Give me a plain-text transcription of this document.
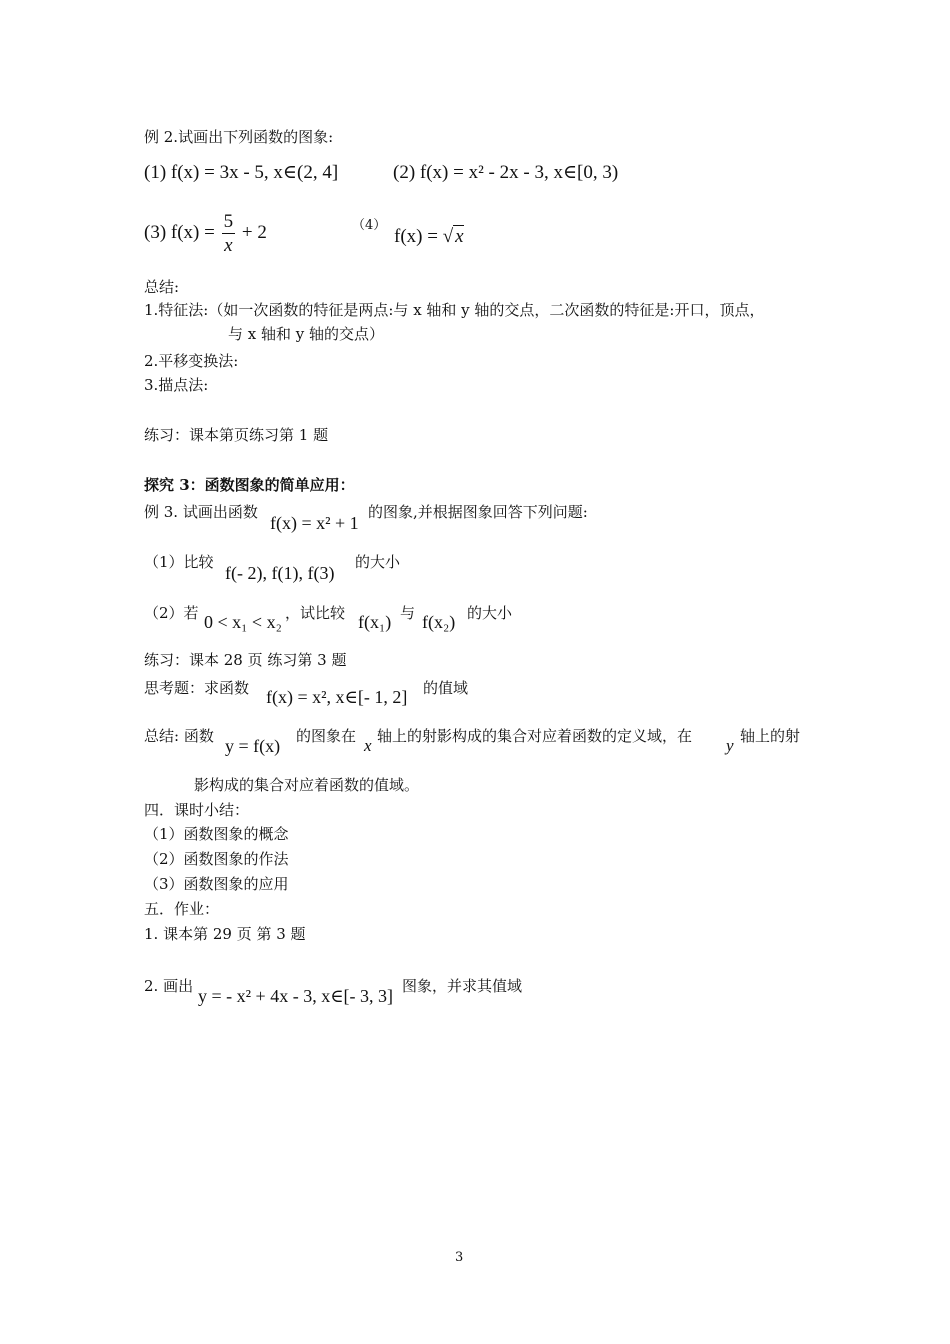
例 2.试画出下列函数的图象:
(1) f(x) = 3x - 5, x∈(2, 4]	(2) f(x) = x² - 2x - 3, x∈[0, 3)
(3) $f(x) = \frac{5}{x} + 2$	（4）
f(x) = √ x
总结:
1.特征法:（如一次函数的特征是两点:与 x 轴和 y 轴的交点，二次函数的特征是:开口，顶点，
与 x 轴和 y 轴的交点）
2.平移变换法:
3.描点法:
练习：课本第页练习第 1 题
探究 3：函数图象的简单应用：
例 3. 试画出函数
f(x) = x² + 1
的图象,并根据图象回答下列问题:
（1）比较
f(- 2), f(1), f(3)
的大小
（2）若 0 < x₁ < x₂ ，试比较 f(x₁) 与 f(x₂) 的大小
练习：课本 28 页 练习第 3 题
思考题：求函数 f(x) = x², x∈[- 1, 2] 的值域
总结: 函数 y = f(x) 的图象在 x 轴上的射影构成的集合对应着函数的定义域，在 y 轴上的射
影构成的集合对应着函数的值域。
四．课时小结：
（1）函数图象的概念
（2）函数图象的作法
（3）函数图象的应用
五．作业：
1. 课本第 29 页 第 3 题
2. 画出 y = - x² + 4x - 3, x∈[- 3, 3] 图象，并求其值域
3
